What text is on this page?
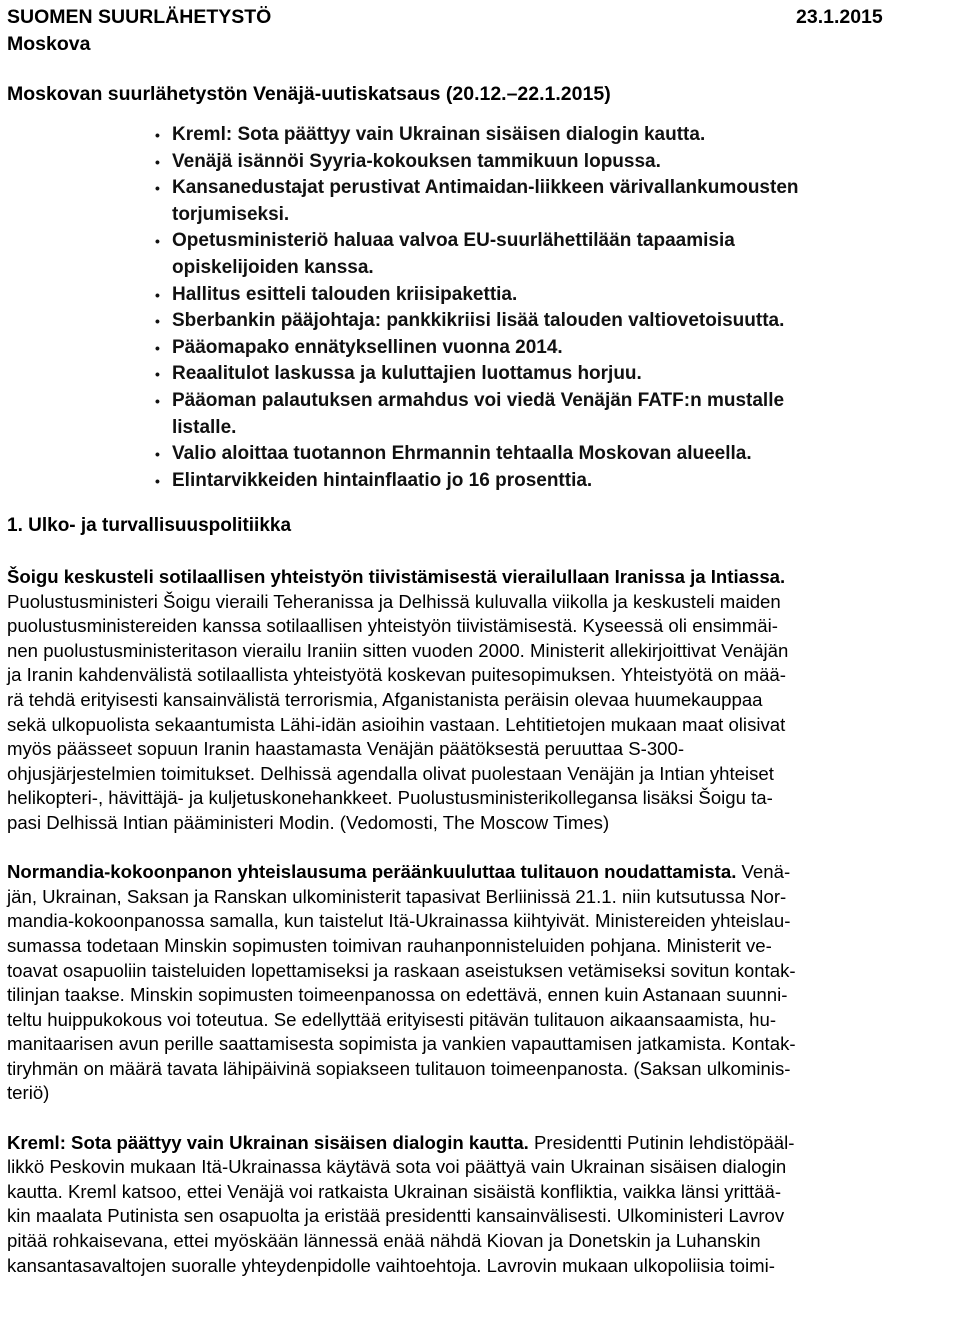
SUOMEN SUURLÄHETYSTÖ	23.1.2015
Moskova
Moskovan suurlähetystön Venäjä-uutiskatsaus (20.12.–22.1.2015)
• Kreml: Sota päättyy vain Ukrainan sisäisen dialogin kautta.
• Venäjä isännöi Syyria-kokouksen tammikuun lopussa.
• Kansanedustajat perustivat Antimaidan-liikkeen värivallankumousten
torjumiseksi.
• Opetusministeriö haluaa valvoa EU-suurlähettilään tapaamisia
opiskelijoiden kanssa.
• Hallitus esitteli talouden kriisipakettia.
• Sberbankin pääjohtaja: pankkikriisi lisää talouden valtiovetoisuutta.
• Pääomapako ennätyksellinen vuonna 2014.
• Reaalitulot laskussa ja kuluttajien luottamus horjuu.
• Pääoman palautuksen armahdus voi viedä Venäjän FATF:n mustalle
listalle.
• Valio aloittaa tuotannon Ehrmannin tehtaalla Moskovan alueella.
• Elintarvikkeiden hintainflaatio jo 16 prosenttia.
1. Ulko- ja turvallisuuspolitiikka
Šoigu keskusteli sotilaallisen yhteistyön tiivistämisestä vierailullaan Iranissa ja Intiassa.
Puolustusministeri Šoigu vieraili Teheranissa ja Delhissä kuluvalla viikolla ja keskusteli maiden
puolustusministereiden kanssa sotilaallisen yhteistyön tiivistämisestä. Kyseessä oli ensimmäi-
nen puolustusministeritason vierailu Iraniin sitten vuoden 2000. Ministerit allekirjoittivat Venäjän
ja Iranin kahdenvälistä sotilaallista yhteistyötä koskevan puitesopimuksen. Yhteistyötä on mää-
rä tehdä erityisesti kansainvälistä terrorismia, Afganistanista peräisin olevaa huumekauppaa
sekä ulkopuolista sekaantumista Lähi-idän asioihin vastaan. Lehtitietojen mukaan maat olisivat
myös päässeet sopuun Iranin haastamasta Venäjän päätöksestä peruuttaa S-300-
ohjusjärjestelmien toimitukset. Delhissä agendalla olivat puolestaan Venäjän ja Intian yhteiset
helikopteri-, hävittäjä- ja kuljetuskonehankkeet. Puolustusministerikollegansa lisäksi Šoigu ta-
pasi Delhissä Intian pääministeri Modin. (Vedomosti, The Moscow Times)
Normandia-kokoonpanon yhteislausuma peräänkuuluttaa tulitauon noudattamista. Venä-
jän, Ukrainan, Saksan ja Ranskan ulkoministerit tapasivat Berliinissä 21.1. niin kutsutussa Nor-
mandia-kokoonpanossa samalla, kun taistelut Itä-Ukrainassa kiihtyivät. Ministereiden yhteislau-
sumassa todetaan Minskin sopimusten toimivan rauhanponnisteluiden pohjana. Ministerit ve-
toavat osapuoliin taisteluiden lopettamiseksi ja raskaan aseistuksen vetämiseksi sovitun kontak-
tilinjan taakse. Minskin sopimusten toimeenpanossa on edettävä, ennen kuin Astanaan suunni-
teltu huippukokous voi toteutua. Se edellyttää erityisesti pitävän tulitauon aikaansaamista, hu-
manitaarisen avun perille saattamisesta sopimista ja vankien vapauttamisen jatkamista. Kontak-
tiryhmän on määrä tavata lähipäivinä sopiakseen tulitauon toimeenpanosta. (Saksan ulkominis-
teriö)
Kreml: Sota päättyy vain Ukrainan sisäisen dialogin kautta. Presidentti Putinin lehdistöpääl-
likkö Peskovin mukaan Itä-Ukrainassa käytävä sota voi päättyä vain Ukrainan sisäisen dialogin
kautta. Kreml katsoo, ettei Venäjä voi ratkaista Ukrainan sisäistä konfliktia, vaikka länsi yrittää-
kin maalata Putinista sen osapuolta ja eristää presidentti kansainvälisesti. Ulkoministeri Lavrov
pitää rohkaisevana, ettei myöskään lännessä enää nähdä Kiovan ja Donetskin ja Luhanskin
kansantasavaltojen suoralle yhteydenpidolle vaihtoehtoja. Lavrovin mukaan ulkopoliisia toimi-
